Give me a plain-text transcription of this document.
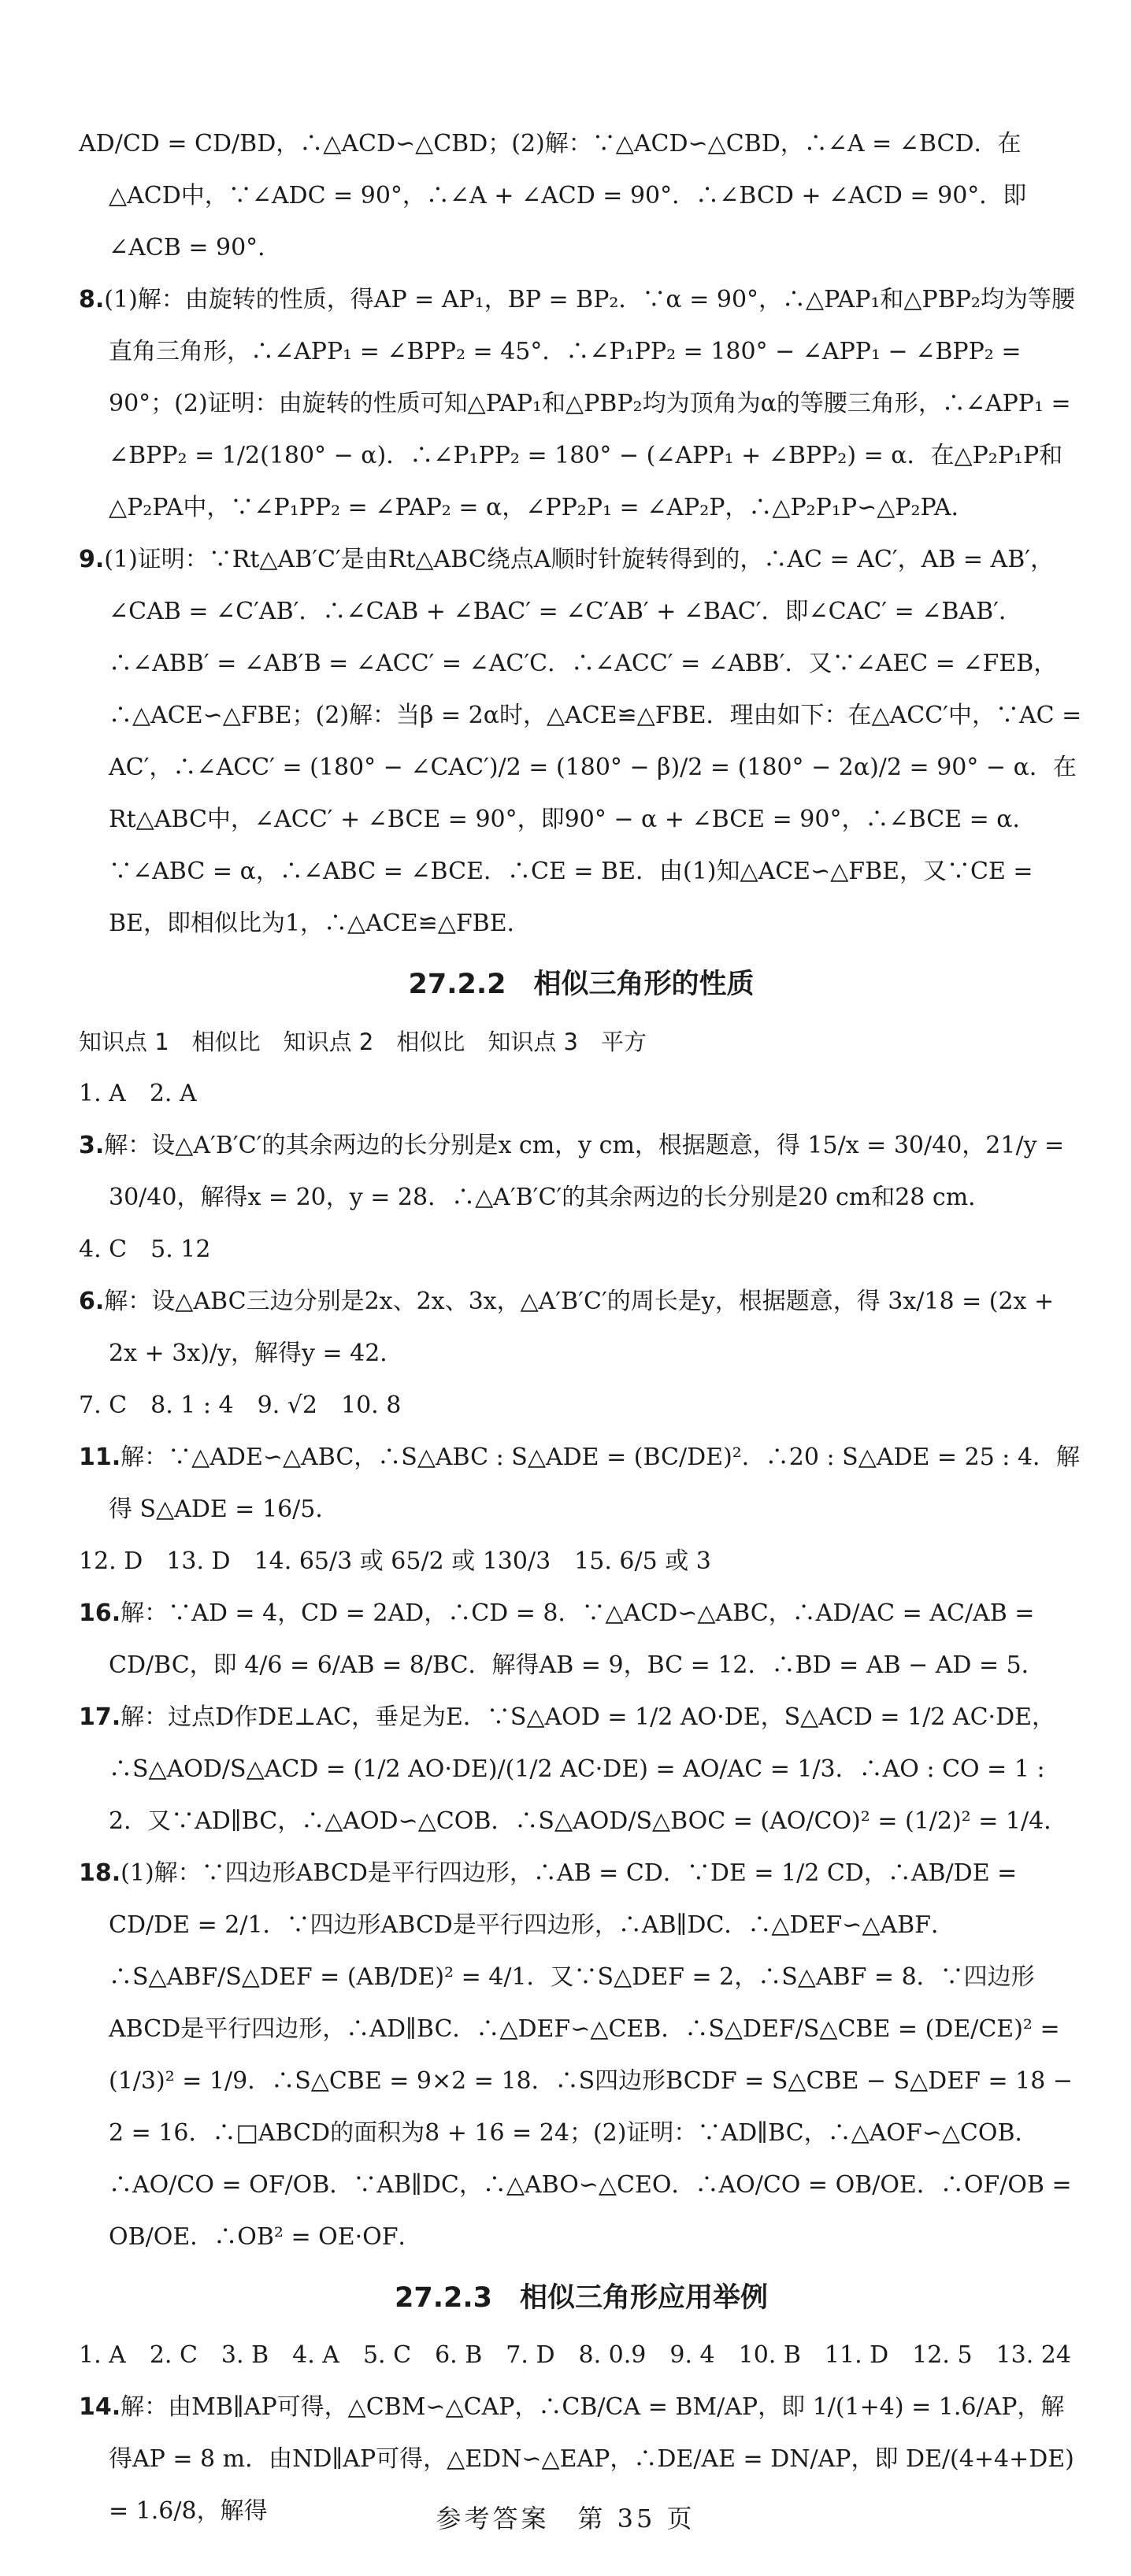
AD/CD = CD/BD，∴△ACD∽△CBD；(2)解：∵△ACD∽△CBD，∴∠A = ∠BCD．在△ACD中，∵∠ADC = 90°，∴∠A + ∠ACD = 90°．∴∠BCD + ∠ACD = 90°．即∠ACB = 90°．
8.(1)解：由旋转的性质，得AP = AP₁，BP = BP₂．∵α = 90°，∴△PAP₁和△PBP₂均为等腰直角三角形，∴∠APP₁ = ∠BPP₂ = 45°．∴∠P₁PP₂ = 180° − ∠APP₁ − ∠BPP₂ = 90°；(2)证明：由旋转的性质可知△PAP₁和△PBP₂均为顶角为α的等腰三角形，∴∠APP₁ = ∠BPP₂ = 1/2(180° − α)．∴∠P₁PP₂ = 180° − (∠APP₁ + ∠BPP₂) = α．在△P₂P₁P和△P₂PA中，∵∠P₁PP₂ = ∠PAP₂ = α，∠PP₂P₁ = ∠AP₂P，∴△P₂P₁P∽△P₂PA．
9.(1)证明：∵Rt△AB′C′是由Rt△ABC绕点A顺时针旋转得到的，∴AC = AC′，AB = AB′，∠CAB = ∠C′AB′．∴∠CAB + ∠BAC′ = ∠C′AB′ + ∠BAC′．即∠CAC′ = ∠BAB′．∴∠ABB′ = ∠AB′B = ∠ACC′ = ∠AC′C．∴∠ACC′ = ∠ABB′．又∵∠AEC = ∠FEB，∴△ACE∽△FBE；(2)解：当β = 2α时，△ACE≌△FBE．理由如下：在△ACC′中，∵AC = AC′，∴∠ACC′ = (180° − ∠CAC′)/2 = (180° − β)/2 = (180° − 2α)/2 = 90° − α．在Rt△ABC中，∠ACC′ + ∠BCE = 90°，即90° − α + ∠BCE = 90°，∴∠BCE = α．∵∠ABC = α，∴∠ABC = ∠BCE．∴CE = BE．由(1)知△ACE∽△FBE，又∵CE = BE，即相似比为1，∴△ACE≌△FBE．
27.2.2　相似三角形的性质
知识点 1　相似比　知识点 2　相似比　知识点 3　平方
1. A　2. A
3.解：设△A′B′C′的其余两边的长分别是x cm，y cm，根据题意，得 15/x = 30/40，21/y = 30/40，解得x = 20，y = 28．∴△A′B′C′的其余两边的长分别是20 cm和28 cm．
4. C　5. 12
6.解：设△ABC三边分别是2x、2x、3x，△A′B′C′的周长是y，根据题意，得 3x/18 = (2x + 2x + 3x)/y，解得y = 42．
7. C　8. 1 : 4　9. √2　10. 8
11.解：∵△ADE∽△ABC，∴S△ABC : S△ADE = (BC/DE)²．∴20 : S△ADE = 25 : 4．解得 S△ADE = 16/5．
12. D　13. D　14. 65/3 或 65/2 或 130/3　15. 6/5 或 3
16.解：∵AD = 4，CD = 2AD，∴CD = 8．∵△ACD∽△ABC，∴AD/AC = AC/AB = CD/BC，即 4/6 = 6/AB = 8/BC．解得AB = 9，BC = 12．∴BD = AB − AD = 5．
17.解：过点D作DE⊥AC，垂足为E．∵S△AOD = 1/2 AO·DE，S△ACD = 1/2 AC·DE，∴S△AOD/S△ACD = (1/2 AO·DE)/(1/2 AC·DE) = AO/AC = 1/3．∴AO : CO = 1 : 2．又∵AD∥BC，∴△AOD∽△COB．∴S△AOD/S△BOC = (AO/CO)² = (1/2)² = 1/4．
18.(1)解：∵四边形ABCD是平行四边形，∴AB = CD．∵DE = 1/2 CD，∴AB/DE = CD/DE = 2/1．∵四边形ABCD是平行四边形，∴AB∥DC．∴△DEF∽△ABF．∴S△ABF/S△DEF = (AB/DE)² = 4/1．又∵S△DEF = 2，∴S△ABF = 8．∵四边形ABCD是平行四边形，∴AD∥BC．∴△DEF∽△CEB．∴S△DEF/S△CBE = (DE/CE)² = (1/3)² = 1/9．∴S△CBE = 9×2 = 18．∴S四边形BCDF = S△CBE − S△DEF = 18 − 2 = 16．∴□ABCD的面积为8 + 16 = 24；(2)证明：∵AD∥BC，∴△AOF∽△COB．∴AO/CO = OF/OB．∵AB∥DC，∴△ABO∽△CEO．∴AO/CO = OB/OE．∴OF/OB = OB/OE．∴OB² = OE·OF．
27.2.3　相似三角形应用举例
1. A　2. C　3. B　4. A　5. C　6. B　7. D　8. 0.9　9. 4　10. B　11. D　12. 5　13. 24
14.解：由MB∥AP可得，△CBM∽△CAP，∴CB/CA = BM/AP，即 1/(1+4) = 1.6/AP，解得AP = 8 m．由ND∥AP可得，△EDN∽△EAP，∴DE/AE = DN/AP，即 DE/(4+4+DE) = 1.6/8，解得	参考答案　第 35 页
